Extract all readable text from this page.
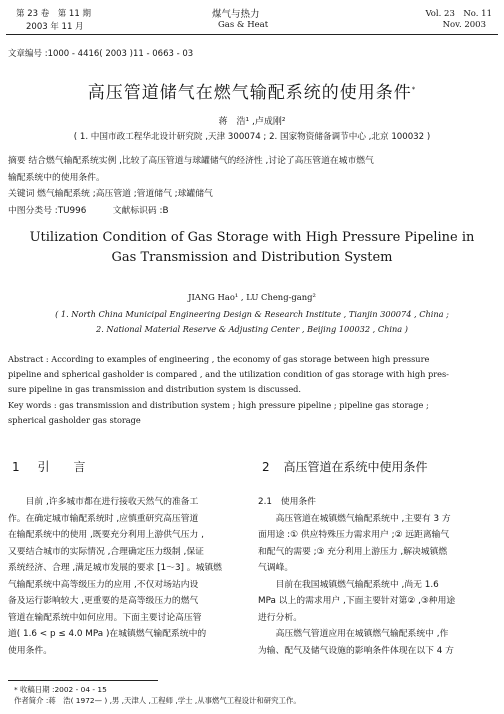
第 23 卷　第 11 期
2003 年 11 月
煤气与热力
Gas & Heat
Vol. 23　No. 11
Nov. 2003
文章编号 :1000 - 4416( 2003 )11 - 0663 - 03
高压管道储气在燃气输配系统的使用条件*
蒋　浩¹ ,卢成刚²
( 1. 中国市政工程华北设计研究院 ,天津 300074 ; 2. 国家物资储备调节中心 ,北京 100032 )
摘要 结合燃气输配系统实例 ,比较了高压管道与球罐储气的经济性 ,讨论了高压管道在城市燃气
输配系统中的使用条件。
关键词 燃气输配系统 ;高压管道 ;管道储气 ;球罐储气
中图分类号 :TU996　　　文献标识码 :B
Utilization Condition of Gas Storage with High Pressure Pipeline in
Gas Transmission and Distribution System
JIANG Hao¹ , LU Cheng-gang²
( 1. North China Municipal Engineering Design & Research Institute , Tianjin 300074 , China ;
2. National Material Reserve & Adjusting Center , Beijing 100032 , China )
Abstract : According to examples of engineering , the economy of gas storage between high pressure
pipeline and spherical gasholder is compared , and the utilization condition of gas storage with high pres-
sure pipeline in gas transmission and distribution system is discussed.
Key words : gas transmission and distribution system ; high pressure pipeline ; pipeline gas storage ;
spherical gasholder gas storage
1 引　　言

目前 ,许多城市都在进行接收天然气的准备工

作。在确定城市输配系统时 ,应慎重研究高压管道

在输配系统中的使用 ,既要充分利用上游供气压力 ,

又要结合城市的实际情况 ,合理确定压力级制 ,保证

系统经济、合理 ,满足城市发展的要求 [1～3] 。城镇燃

气输配系统中高等级压力的应用 ,不仅对场站内设

备及运行影响较大 ,更重要的是高等级压力的燃气

管道在输配系统中如何应用。下面主要讨论高压管

道( 1.6 < p ≤ 4.0 MPa )在城镇燃气输配系统中的

使用条件。

2 高压管道在系统中使用条件

2.1　使用条件

高压管道在城镇燃气输配系统中 ,主要有 3 方

面用途 :① 供应特殊压力需求用户 ;② 远距离输气

和配气的需要 ;③ 充分利用上游压力 ,解决城镇燃

气调峰。

目前在我国城镇燃气输配系统中 ,尚无 1.6

MPa 以上的需求用户 ,下面主要针对第② ,③种用途

进行分析。

高压燃气管道应用在城镇燃气输配系统中 ,作

为输、配气及储气设施的影响条件体现在以下 4 方

* 收稿日期 :2002 - 04 - 15
作者简介 :蒋　浩( 1972— ) ,男 ,天津人 ,工程师 ,学士 ,从事燃气工程设计和研究工作。
